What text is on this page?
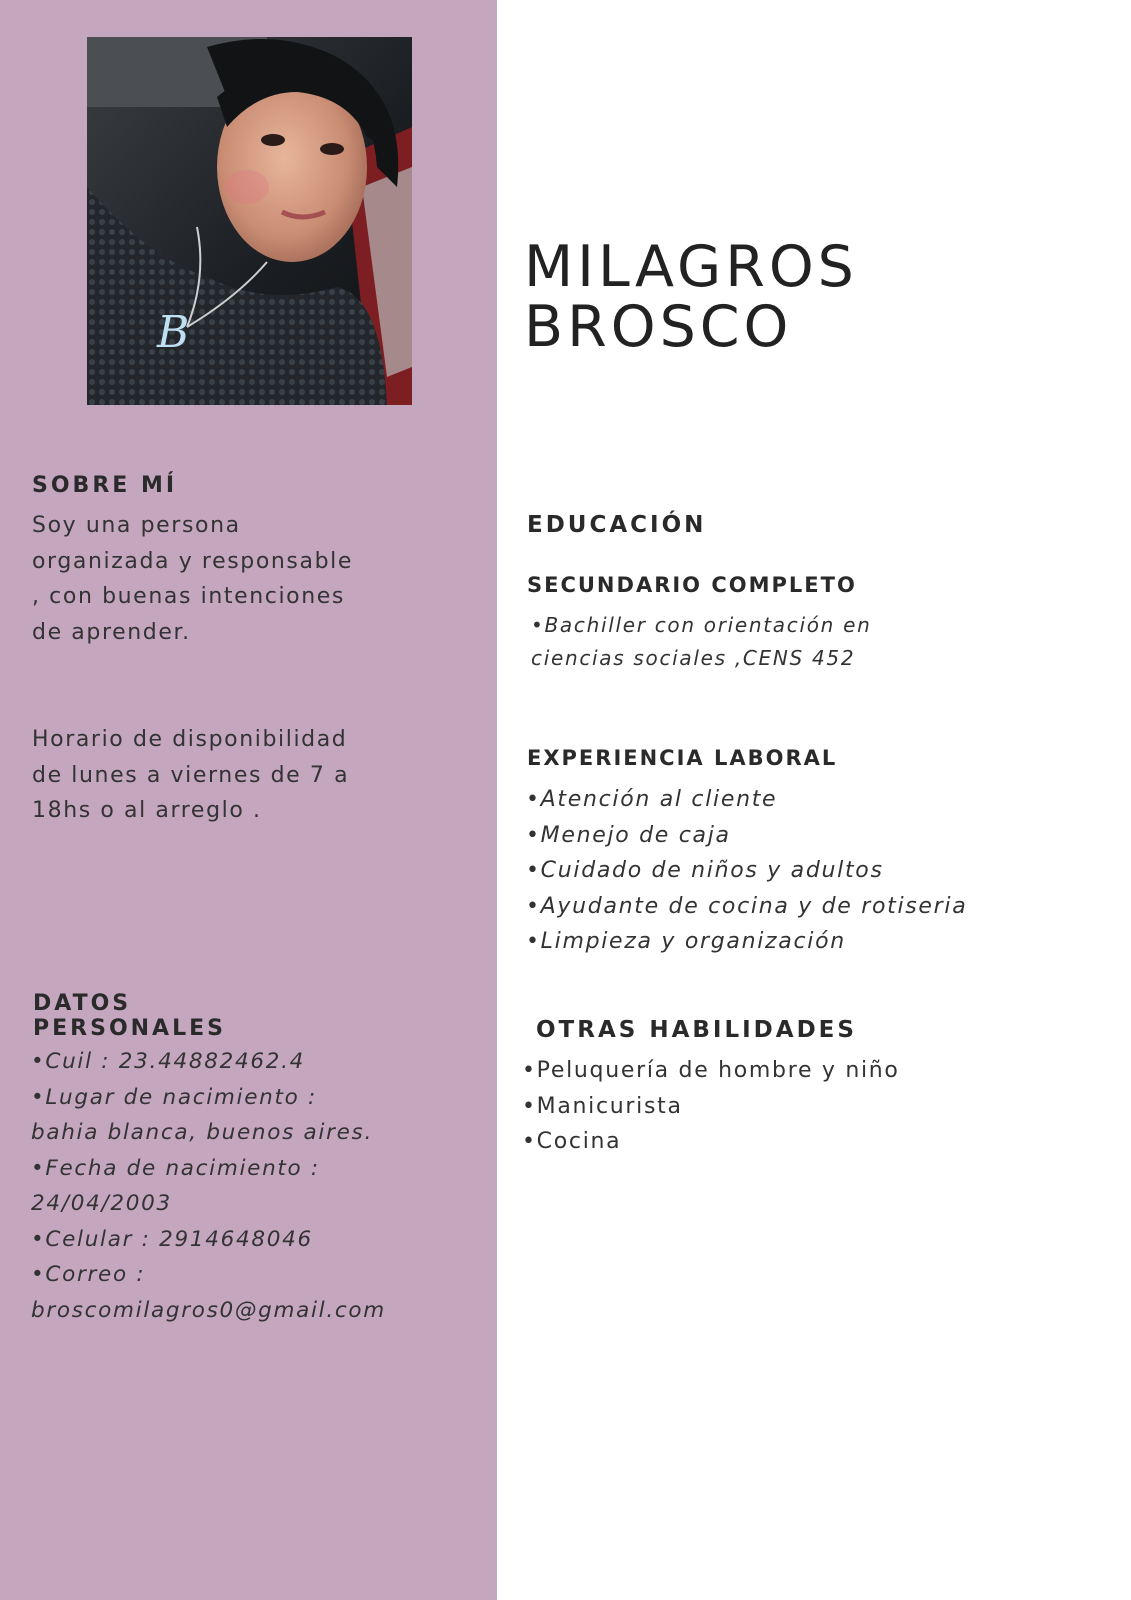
B
MILAGROS
BROSCO
SOBRE MÍ

Soy una persona organizada y responsable , con buenas intenciones de aprender.

Horario de disponibilidad de lunes a viernes de 7 a 18hs o al arreglo .

DATOS
PERSONALES
•Cuil : 23.44882462.4
•Lugar de nacimiento :
bahia blanca, buenos aires.
•Fecha de nacimiento :
24/04/2003
•Celular : 2914648046
•Correo : broscomilagros0@gmail.com
EDUCACIÓN
SECUNDARIO COMPLETO
•Bachiller con orientación en
ciencias sociales ,CENS 452
EXPERIENCIA LABORAL
•Atención al cliente
•Menejo de caja
•Cuidado de niños y adultos
•Ayudante de cocina y de rotiseria
•Limpieza y organización
OTRAS HABILIDADES
•Peluquería de hombre y niño
•Manicurista
•Cocina
